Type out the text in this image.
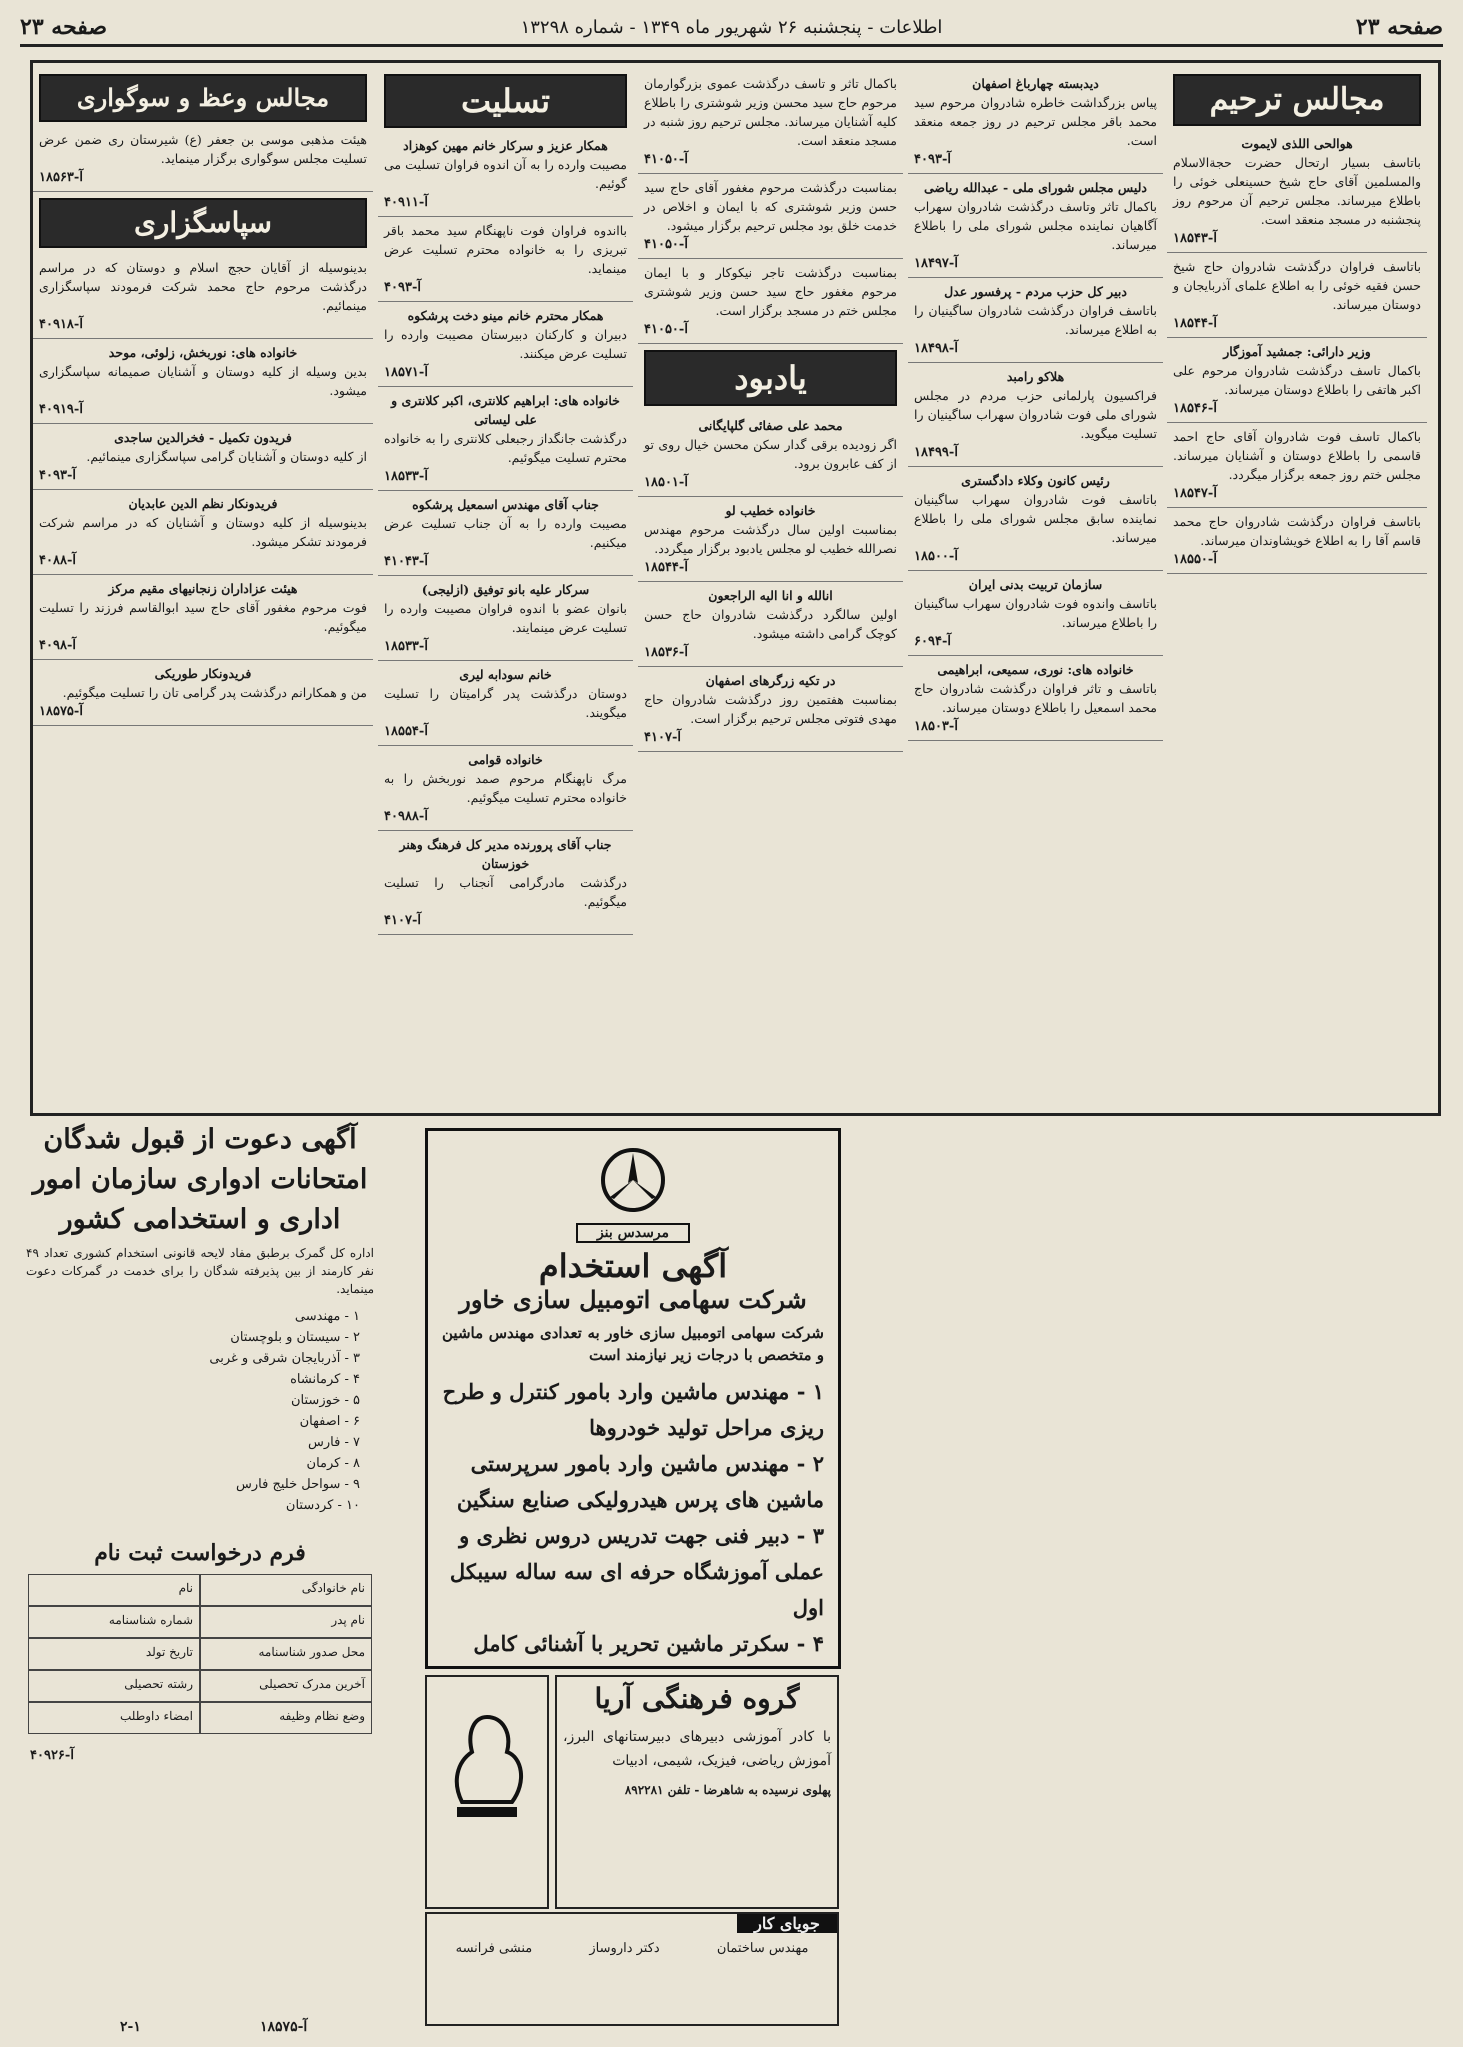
صفحه ۲۳
اطلاعات - پنجشنبه ۲۶ شهریور ماه ۱۳۴۹ - شماره ۱۳۲۹۸
صفحه ۲۳
مجالس ترحیم
هوالحی اللذی لایموت
باتاسف بسیار ارتحال حضرت حجةالاسلام والمسلمین آقای حاج شیخ حسینعلی خوئی را باطلاع میرساند. مجلس ترحیم آن مرحوم روز پنجشنبه در مسجد منعقد است.
آ-۱۸۵۴۳
باتاسف فراوان درگذشت شادروان حاج شیخ حسن فقیه خوئی را به اطلاع علمای آذربایجان و دوستان میرساند.
آ-۱۸۵۴۴
وزیر دارائی: جمشید آموزگار
باکمال تاسف درگذشت شادروان مرحوم علی اکبر هاتفی را باطلاع دوستان میرساند.
آ-۱۸۵۴۶
باکمال تاسف فوت شادروان آقای حاج احمد قاسمی را باطلاع دوستان و آشنایان میرساند. مجلس ختم روز جمعه برگزار میگردد.
آ-۱۸۵۴۷
باتاسف فراوان درگذشت شادروان حاج محمد قاسم آقا را به اطلاع خویشاوندان میرساند.
آ-۱۸۵۵۰
دیدبسته چهارباغ اصفهان
پیاس بزرگداشت خاطره شادروان مرحوم سید محمد باقر مجلس ترحیم در روز جمعه منعقد است.
آ-۴۰۹۳
دلیس مجلس شورای ملی - عبدالله ریاضی
باکمال تاثر وتاسف درگذشت شادروان سهراب آگاهیان نماینده مجلس شورای ملی را باطلاع میرساند.
آ-۱۸۴۹۷
دبیر کل حزب مردم - پرفسور عدل
باتاسف فراوان درگذشت شادروان ساگینیان را به اطلاع میرساند.
آ-۱۸۴۹۸
هلاکو رامبد
فراکسیون پارلمانی حزب مردم در مجلس شورای ملی فوت شادروان سهراب ساگینیان را تسلیت میگوید.
آ-۱۸۴۹۹
رئیس کانون وکلاء دادگستری
باتاسف فوت شادروان سهراب ساگینیان نماینده سابق مجلس شورای ملی را باطلاع میرساند.
آ-۱۸۵۰۰
سازمان تربیت بدنی ایران
باتاسف واندوه فوت شادروان سهراب ساگینیان را باطلاع میرساند.
آ-۶۰۹۴
خانواده های: نوری، سمیعی، ابراهیمی
باتاسف و تاثر فراوان درگذشت شادروان حاج محمد اسمعیل را باطلاع دوستان میرساند.
آ-۱۸۵۰۳
باکمال تاثر و تاسف درگذشت عموی بزرگوارمان مرحوم حاج سید محسن وزیر شوشتری را باطلاع کلیه آشنایان میرساند. مجلس ترحیم روز شنبه در مسجد منعقد است.
آ-۴۱۰۵۰
بمناسبت درگذشت مرحوم مغفور آقای حاج سید حسن وزیر شوشتری که با ایمان و اخلاص در خدمت خلق بود مجلس ترحیم برگزار میشود.
آ-۴۱۰۵۰
بمناسبت درگذشت تاجر نیکوکار و با ایمان مرحوم مغفور حاج سید حسن وزیر شوشتری مجلس ختم در مسجد برگزار است.
آ-۴۱۰۵۰
یادبود
محمد علی صفائی گلپایگانی
اگر زودیده برقی گدار سکن محسن خیال روی تو از کف عابرون برود.
آ-۱۸۵۰۱
خانواده خطیب لو
بمناسبت اولین سال درگذشت مرحوم مهندس نصرالله خطیب لو مجلس یادبود برگزار میگردد.
آ-۱۸۵۴۴
انالله و انا الیه الراجعون
اولین سالگرد درگذشت شادروان حاج حسن کوچک گرامی داشته میشود.
آ-۱۸۵۳۶
در تکیه زرگرهای اصفهان
بمناسبت هفتمین روز درگذشت شادروان حاج مهدی فتوتی مجلس ترحیم برگزار است.
آ-۴۱۰۷
تسلیت
همکار عزیز و سرکار خانم مهین کوهزاد
مصیبت وارده را به آن اندوه فراوان تسلیت می گوئیم.
آ-۴۰۹۱۱
بااندوه فراوان فوت ناپهنگام سید محمد باقر تبریزی را به خانواده محترم تسلیت عرض مینماید.
آ-۴۰۹۳
همکار محترم خانم مینو دخت پرشکوه
دبیران و کارکنان دبیرستان مصیبت وارده را تسلیت عرض میکنند.
آ-۱۸۵۷۱
خانواده های: ابراهیم کلانتری، اکبر کلانتری و علی لیساتی
درگذشت جانگداز رجبعلی کلانتری را به خانواده محترم تسلیت میگوئیم.
آ-۱۸۵۳۳
جناب آقای مهندس اسمعیل پرشکوه
مصیبت وارده را به آن جناب تسلیت عرض میکنیم.
آ-۴۱۰۴۳
سرکار علیه بانو توفیق (ازلیجی)
بانوان عضو با اندوه فراوان مصیبت وارده را تسلیت عرض مینمایند.
آ-۱۸۵۳۳
خانم سودابه لیری
دوستان درگذشت پدر گرامیتان را تسلیت میگویند.
آ-۱۸۵۵۴
خانواده قوامی
مرگ ناپهنگام مرحوم صمد نوربخش را به خانواده محترم تسلیت میگوئیم.
آ-۴۰۹۸۸
جناب آقای پرورنده مدیر کل فرهنگ وهنر خوزستان
درگذشت مادرگرامی آنجناب را تسلیت میگوئیم.
آ-۴۱۰۷
مجالس وعظ و سوگواری
هیئت مذهبی موسی بن جعفر (ع) شیرستان ری ضمن عرض تسلیت مجلس سوگواری برگزار مینماید.
آ-۱۸۵۶۳
سپاسگزاری
بدینوسیله از آقایان حجج اسلام و دوستان که در مراسم درگذشت مرحوم حاج محمد شرکت فرمودند سپاسگزاری مینمائیم.
آ-۴۰۹۱۸
خانواده های: نوربخش، زلوئی، موحد
بدین وسیله از کلیه دوستان و آشنایان صمیمانه سپاسگزاری میشود.
آ-۴۰۹۱۹
فریدون تکمیل - فخرالدین ساجدی
از کلیه دوستان و آشنایان گرامی سپاسگزاری مینمائیم.
آ-۴۰۹۳
فریدونکار نظم الدین عابدیان
بدینوسیله از کلیه دوستان و آشنایان که در مراسم شرکت فرمودند تشکر میشود.
آ-۴۰۸۸
هیئت عزاداران زنجانیهای مقیم مرکز
فوت مرحوم مغفور آقای حاج سید ابوالقاسم فرزند را تسلیت میگوئیم.
آ-۴۰۹۸
فریدونکار طوریکی
من و همکارانم درگذشت پدر گرامی تان را تسلیت میگوئیم.
آ-۱۸۵۷۵
آگهی دعوت از قبول شدگان امتحانات ادواری سازمان امور اداری و استخدامی کشور
اداره کل گمرک برطبق مفاد لایحه قانونی استخدام کشوری تعداد ۴۹ نفر کارمند از بین پذیرفته شدگان را برای خدمت در گمرکات دعوت مینماید.
۱ - مهندسی
۲ - سیستان و بلوچستان
۳ - آذربایجان شرقی و غربی
۴ - کرمانشاه
۵ - خوزستان
۶ - اصفهان
۷ - فارس
۸ - کرمان
۹ - سواحل خلیج فارس
۱۰ - کردستان
فرم درخواست ثبت نام
نام خانوادگی
نام
نام پدر
شماره شناسنامه
محل صدور شناسنامه
تاریخ تولد
آخرین مدرک تحصیلی
رشته تحصیلی
وضع نظام وظیفه
امضاء داوطلب
آ-۴۰۹۲۶
مرسدس بنز
آگهی استخدام
شرکت سهامی اتومبیل سازی خاور
شرکت سهامی اتومبیل سازی خاور به تعدادی مهندس ماشین و متخصص با درجات زیر نیازمند است
۱ - مهندس ماشین وارد بامور کنترل و طرح ریزی مراحل تولید خودروها
۲ - مهندس ماشین وارد بامور سرپرستی ماشین های پرس هیدرولیکی صنایع سنگین
۳ - دبیر فنی جهت تدریس دروس نظری و عملی آموزشگاه حرفه ای سه ساله سیبکل اول
۴ - سکرتر ماشین تحریر با آشنائی کامل
گروه فرهنگی آریا
با کادر آموزشی دبیرهای دبیرستانهای البرز، آموزش ریاضی، فیزیک، شیمی، ادبیات
پهلوی نرسیده به شاهرضا - تلفن ۸۹۲۲۸۱
جویای کار
مهندس ساختمان
دکتر داروساز
منشی فرانسه
۲-۱	آ-۱۸۵۷۵
